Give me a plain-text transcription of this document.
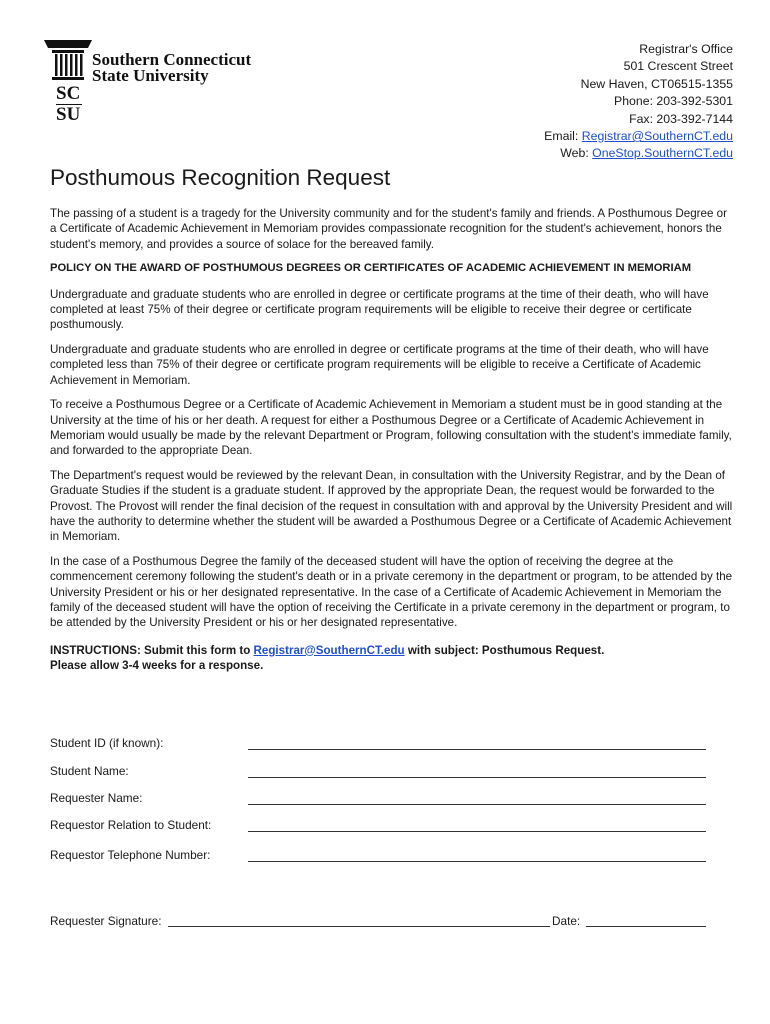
Southern Connecticut
State University
SC
SU
Registrar's Office
501 Crescent Street
New Haven, CT06515-1355
Phone: 203-392-5301
Fax: 203-392-7144
Email: Registrar@SouthernCT.edu
Web: OneStop.SouthernCT.edu
Posthumous Recognition Request

The passing of a student is a tragedy for the University community and for the student's family and friends. A Posthumous Degree or a Certificate of Academic Achievement in Memoriam provides compassionate recognition for the student's achievement, honors the student's memory, and provides a source of solace for the bereaved family.

POLICY ON THE AWARD OF POSTHUMOUS DEGREES OR CERTIFICATES OF ACADEMIC ACHIEVEMENT IN MEMORIAM

Undergraduate and graduate students who are enrolled in degree or certificate programs at the time of their death, who will have completed at least 75% of their degree or certificate program requirements will be eligible to receive their degree or certificate posthumously.

Undergraduate and graduate students who are enrolled in degree or certificate programs at the time of their death, who will have completed less than 75% of their degree or certificate program requirements will be eligible to receive a Certificate of Academic Achievement in Memoriam.

To receive a Posthumous Degree or a Certificate of Academic Achievement in Memoriam a student must be in good standing at the University at the time of his or her death. A request for either a Posthumous Degree or a Certificate of Academic Achievement in Memoriam would usually be made by the relevant Department or Program, following consultation with the student's immediate family, and forwarded to the appropriate Dean.

The Department's request would be reviewed by the relevant Dean, in consultation with the University Registrar, and by the Dean of Graduate Studies if the student is a graduate student. If approved by the appropriate Dean, the request would be forwarded to the Provost. The Provost will render the final decision of the request in consultation with and approval by the University President and will have the authority to determine whether the student will be awarded a Posthumous Degree or a Certificate of Academic Achievement in Memoriam.

In the case of a Posthumous Degree the family of the deceased student will have the option of receiving the degree at the commencement ceremony following the student's death or in a private ceremony in the department or program, to be attended by the University President or his or her designated representative. In the case of a Certificate of Academic Achievement in Memoriam the family of the deceased student will have the option of receiving the Certificate in a private ceremony in the department or program, to be attended by the University President or his or her designated representative.

INSTRUCTIONS: Submit this form to Registrar@SouthernCT.edu with subject: Posthumous Request.
Please allow 3-4 weeks for a response.
Student ID (if known):
Student Name:
Requester Name:
Requestor Relation to Student:
Requestor Telephone Number:
Requester Signature:	Date:
